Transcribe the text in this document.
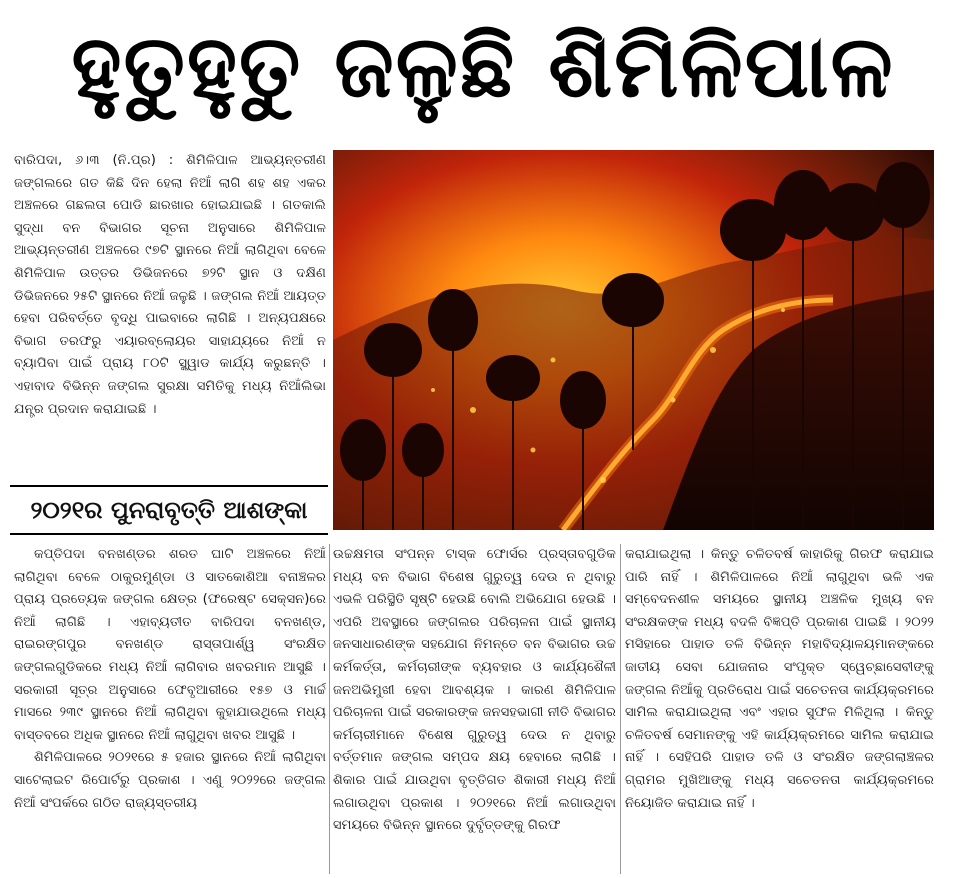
ହୁତୁହୁତୁ ଜଳୁଛି ଶିମିଳିପାଳ
ବାରିପଦା, ୬।୩ (ନି.ପ୍ର) : ଶିମିଳିପାଳ ଆଭ୍ୟନ୍ତରୀଣ ଜଙ୍ଗଲରେ ଗତ କିଛି ଦିନ ହେଲା ନିଆଁ ଲାଗି ଶହ ଶହ ଏକର ଅଞ୍ଚଳରେ ଗଛଲତା ପୋଡି ଛାରଖାର ହୋଇଯାଇଛି । ଗତକାଲି ସୁଦ୍ଧା ବନ ବିଭାଗର ସୂଚନା ଅନୁସାରେ ଶିମିଳିପାଳ ଆଭ୍ୟନ୍ତରୀଣ ଅଞ୍ଚଳରେ ୯୭ଟି ସ୍ଥାନରେ ନିଆଁ ଲାଗିଥିବା ବେଳେ ଶିମିଳିପାଳ ଉତ୍ତର ଡିଭିଜନରେ ୭୨ଟି ସ୍ଥାନ ଓ ଦକ୍ଷିଣ ଡିଭିଜନରେ ୨୫ଟି ସ୍ଥାନରେ ନିଆଁ ଜଳୁଛି । ଜଙ୍ଗଲ ନିଆଁ ଆୟତ୍ତ ହେବା ପରିବର୍ତ୍ତେ ବୃଦ୍ଧି ପାଇବାରେ ଲାଗିଛି । ଅନ୍ୟପକ୍ଷରେ ବିଭାଗ ତରଫରୁ ଏୟାରବ୍ଲୋୟର ସାହାଯ୍ୟରେ ନିଆଁ ନ ବ୍ୟାପିବା ପାଇଁ ପ୍ରାୟ ୮୦ଟି ସ୍କ୍ୱାଡ କାର୍ଯ୍ୟ କରୁଛନ୍ତି । ଏହାବାଦ ବିଭିନ୍ନ ଜଙ୍ଗଲ ସୁରକ୍ଷା ସମିତିକୁ ମଧ୍ୟ ନିଆଁଲିଭା ଯନ୍ତ୍ର ପ୍ରଦାନ କରାଯାଇଛି ।
୨୦୨୧ର ପୁନରାବୃତ୍ତି ଆଶଙ୍କା

କପ୍ତିପଦା ବନଖଣ୍ଡର ଶରତ ଘାଟି ଅଞ୍ଚଳରେ ନିଆଁ ଲାଗିଥିବା ବେଳେ ଠାକୁରମୁଣ୍ଡା ଓ ସାତକୋଶିଆ ବନାଞ୍ଚଳର ପ୍ରାୟ ପ୍ରତ୍ୟେକ ଜଙ୍ଗଲ କ୍ଷେତ୍ର (ଫରେଷ୍ଟ ସେକ୍ସନ)ରେ ନିଆଁ ଲାଗିଛି । ଏହାବ୍ୟତୀତ ବାରିପଦା ବନଖଣ୍ଡ, ରାଇରଙ୍ଗପୁର ବନଖଣ୍ଡ ରାସ୍ତାପାର୍ଶ୍ୱ ସଂରକ୍ଷିତ ଜଙ୍ଗଲଗୁଡିକରେ ମଧ୍ୟ ନିଆଁ ଲାଗିବାର ଖବରମାନ ଆସୁଛି । ସରକାରୀ ସୂତ୍ର ଅନୁସାରେ ଫେବୃଆରୀରେ ୧୫୭ ଓ ମାର୍ଚ୍ଚ ମାସରେ ୨୩୯ ସ୍ଥାନରେ ନିଆଁ ଲାଗିଥିବା କୁହାଯାଉଥିଲେ ମଧ୍ୟ ବାସ୍ତବରେ ଅଧିକ ସ୍ଥାନରେ ନିଆଁ ଲାଗୁଥିବା ଖବର ଆସୁଛି ।

ଶିମିଳିପାଳରେ ୨୦୨୧ରେ ୫ ହଜାର ସ୍ଥାନରେ ନିଆଁ ଲାଗିଥିବା ସାଟେଲାଇଟ ରିପୋର୍ଟରୁ ପ୍ରକାଶ । ଏଣୁ ୨୦୨୨ରେ ଜଙ୍ଗଲ ନିଆଁ ସଂପର୍କରେ ଗଠିତ ରାଜ୍ୟସ୍ତରୀୟ

ଉଚ୍ଚକ୍ଷମତା ସଂପନ୍ନ ଟାସ୍କ ଫୋର୍ସର ପ୍ରସ୍ତାବଗୁଡିକ ମଧ୍ୟ ବନ ବିଭାଗ ବିଶେଷ ଗୁରୁତ୍ୱ ଦେଉ ନ ଥିବାରୁ ଏଭଳି ପରିସ୍ଥିତି ସୃଷ୍ଟି ହେଉଛି ବୋଲି ଅଭିଯୋଗ ହେଉଛି । ଏପରି ଅବସ୍ଥାରେ ଜଙ୍ଗଲର ପରିଚାଳନା ପାଇଁ ସ୍ଥାନୀୟ ଜନସାଧାରଣଙ୍କ ସହଯୋଗ ନିମନ୍ତେ ବନ ବିଭାଗର ଉଚ୍ଚ କର୍ମକର୍ତ୍ତା, କର୍ମଚାରୀଙ୍କ ବ୍ୟବହାର ଓ କାର୍ଯ୍ୟଶୈଳୀ ଜନଅଭିମୁଖୀ ହେବା ଆବଶ୍ୟକ । କାରଣ ଶିମିଳିପାଳ ପରିଚାଳନା ପାଇଁ ସରକାରଙ୍କ ଜନସହଭାଗୀ ନୀତି ବିଭାଗର କର୍ମଚାରୀମାନେ ବିଶେଷ ଗୁରୁତ୍ୱ ଦେଉ ନ ଥିବାରୁ ବର୍ତ୍ତମାନ ଜଙ୍ଗଲ ସମ୍ପଦ କ୍ଷୟ ହେବାରେ ଲାଗିଛି । ଶିକାର ପାଇଁ ଯାଉଥିବା ବୃତ୍ତିଗତ ଶିକାରୀ ମଧ୍ୟ ନିଆଁ ଲଗାଉଥିବା ପ୍ରକାଶ । ୨୦୨୧ରେ ନିଆଁ ଲଗାଉଥିବା ସମୟରେ ବିଭିନ୍ନ ସ୍ଥାନରେ ଦୁର୍ବୃତ୍ତଙ୍କୁ ଗିରଫ

କରାଯାଇଥିଲା । କିନ୍ତୁ ଚଳିତବର୍ଷ କାହାରିକୁ ଗିରଫ କରାଯାଇ ପାରି ନାହିଁ । ଶିମିଳିପାଳରେ ନିଆଁ ଲାଗୁଥିବା ଭଳି ଏକ ସମ୍ବେଦନଶୀଳ ସମୟରେ ସ୍ଥାନୀୟ ଅଞ୍ଚଳିକ ମୁଖ୍ୟ ବନ ସଂରକ୍ଷକଙ୍କ ମଧ୍ୟ ବଦଳି ବିଜ୍ଞପ୍ତି ପ୍ରକାଶ ପାଇଛି । ୨୦୨୨ ମସିହାରେ ପାହାଡ ତଳି ବିଭିନ୍ନ ମହାବିଦ୍ୟାଳୟମାନଙ୍କରେ ଜାତୀୟ ସେବା ଯୋଜନାର ସଂପୃକ୍ତ ସ୍ୱେଚ୍ଛାସେବୀଙ୍କୁ ଜଙ୍ଗଲ ନିଆଁକୁ ପ୍ରତିରୋଧ ପାଇଁ ସଚେତନତା କାର୍ଯ୍ୟକ୍ରମରେ ସାମିଲ କରାଯାଇଥିଲା ଏବଂ ଏହାର ସୁଫଳ ମିଳିଥିଲା । କିନ୍ତୁ ଚଳିତବର୍ଷ ସେମାନଙ୍କୁ ଏହି କାର୍ଯ୍ୟକ୍ରମରେ ସାମିଲ କରାଯାଇ ନାହିଁ । ସେହିପରି ପାହାଡ ତଳି ଓ ସଂରକ୍ଷିତ ଜଙ୍ଗଲାଞ୍ଚଳର ଗ୍ରାମର ମୁଖିଆଙ୍କୁ ମଧ୍ୟ ସଚେତନତା କାର୍ଯ୍ୟକ୍ରମରେ ନିୟୋଜିତ କରାଯାଇ ନାହିଁ ।
